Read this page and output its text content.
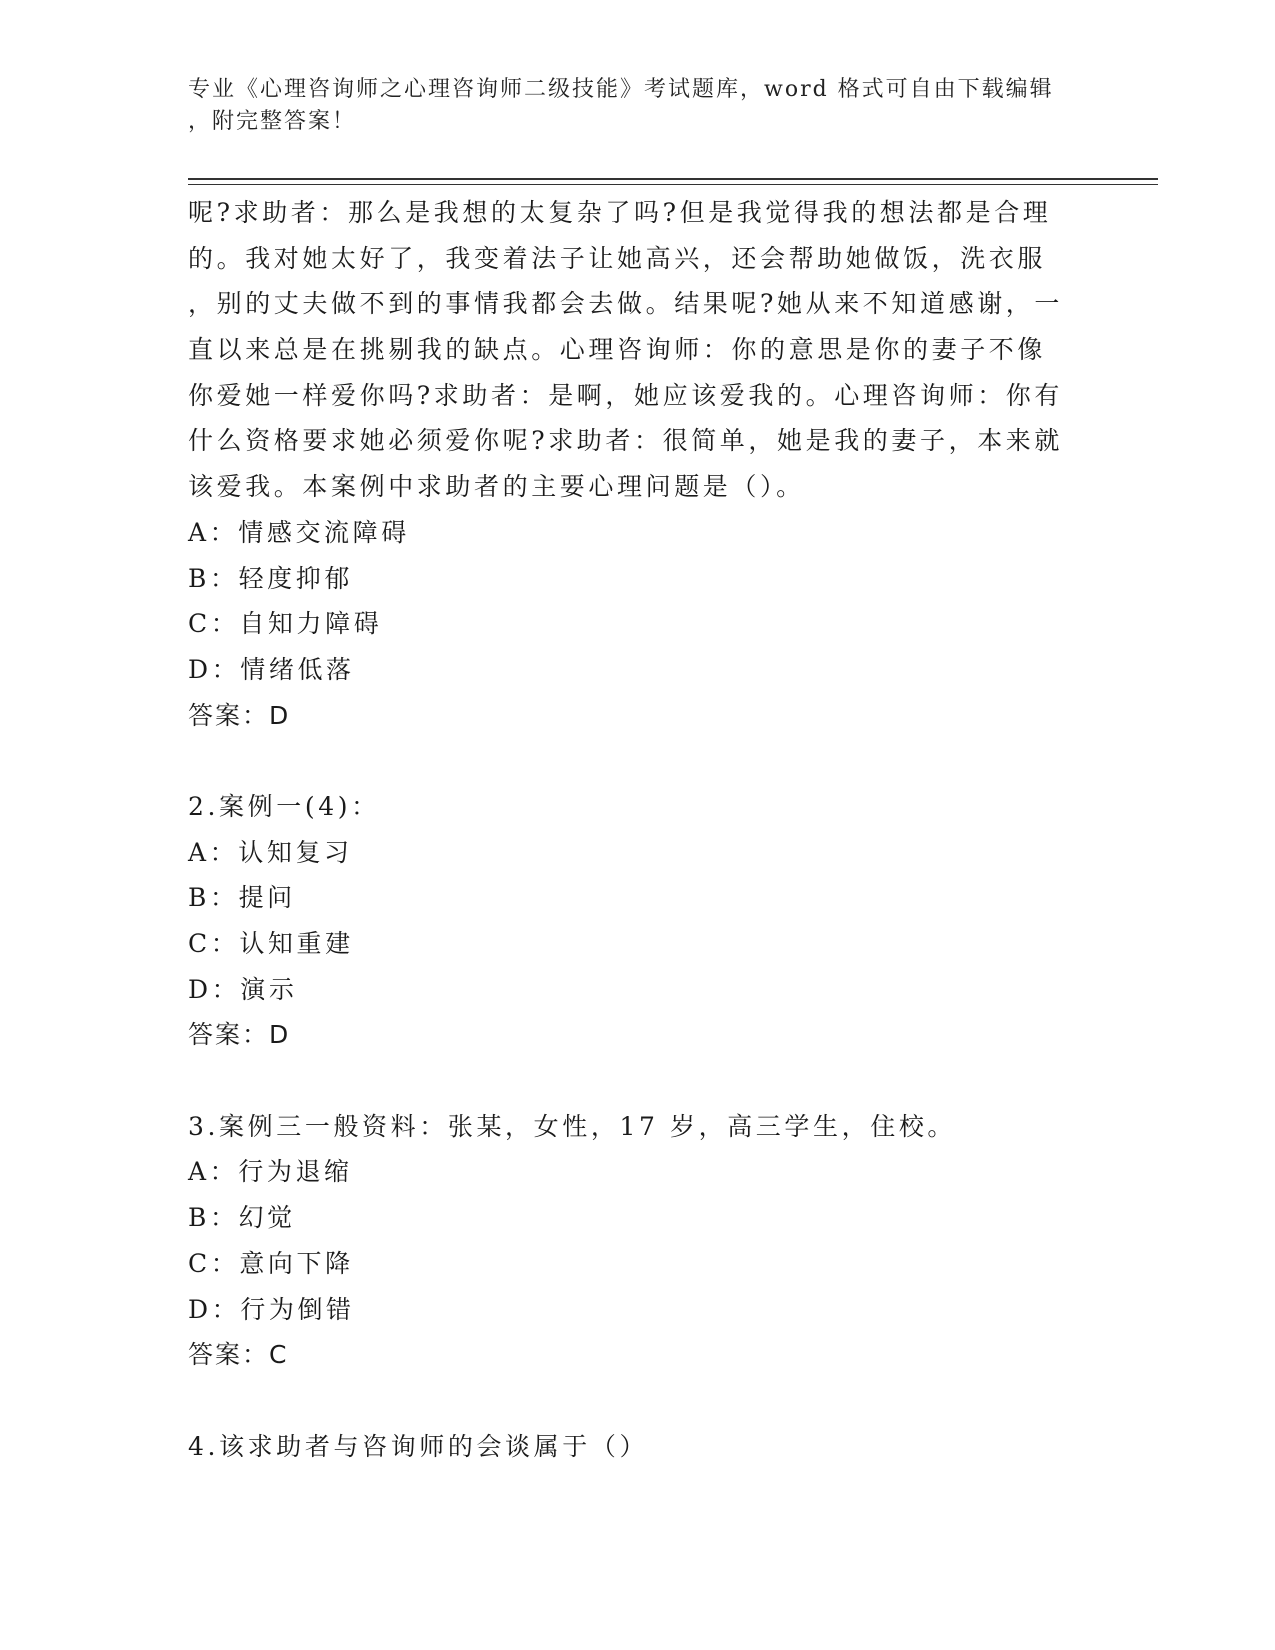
专业《心理咨询师之心理咨询师二级技能》考试题库，word 格式可自由下载编辑
，附完整答案！
呢?求助者：那么是我想的太复杂了吗?但是我觉得我的想法都是合理
的。我对她太好了，我变着法子让她高兴，还会帮助她做饭，洗衣服
，别的丈夫做不到的事情我都会去做。结果呢?她从来不知道感谢，一
直以来总是在挑剔我的缺点。心理咨询师：你的意思是你的妻子不像
你爱她一样爱你吗?求助者：是啊，她应该爱我的。心理咨询师：你有
什么资格要求她必须爱你呢?求助者：很简单，她是我的妻子，本来就
该爱我。本案例中求助者的主要心理问题是（）。
A：情感交流障碍
B：轻度抑郁
C：自知力障碍
D：情绪低落
答案：D
2.案例一(4)：
A：认知复习
B：提问
C：认知重建
D：演示
答案：D
3.案例三一般资料：张某，女性，17 岁，高三学生，住校。
A：行为退缩
B：幻觉
C：意向下降
D：行为倒错
答案：C
4.该求助者与咨询师的会谈属于（）
